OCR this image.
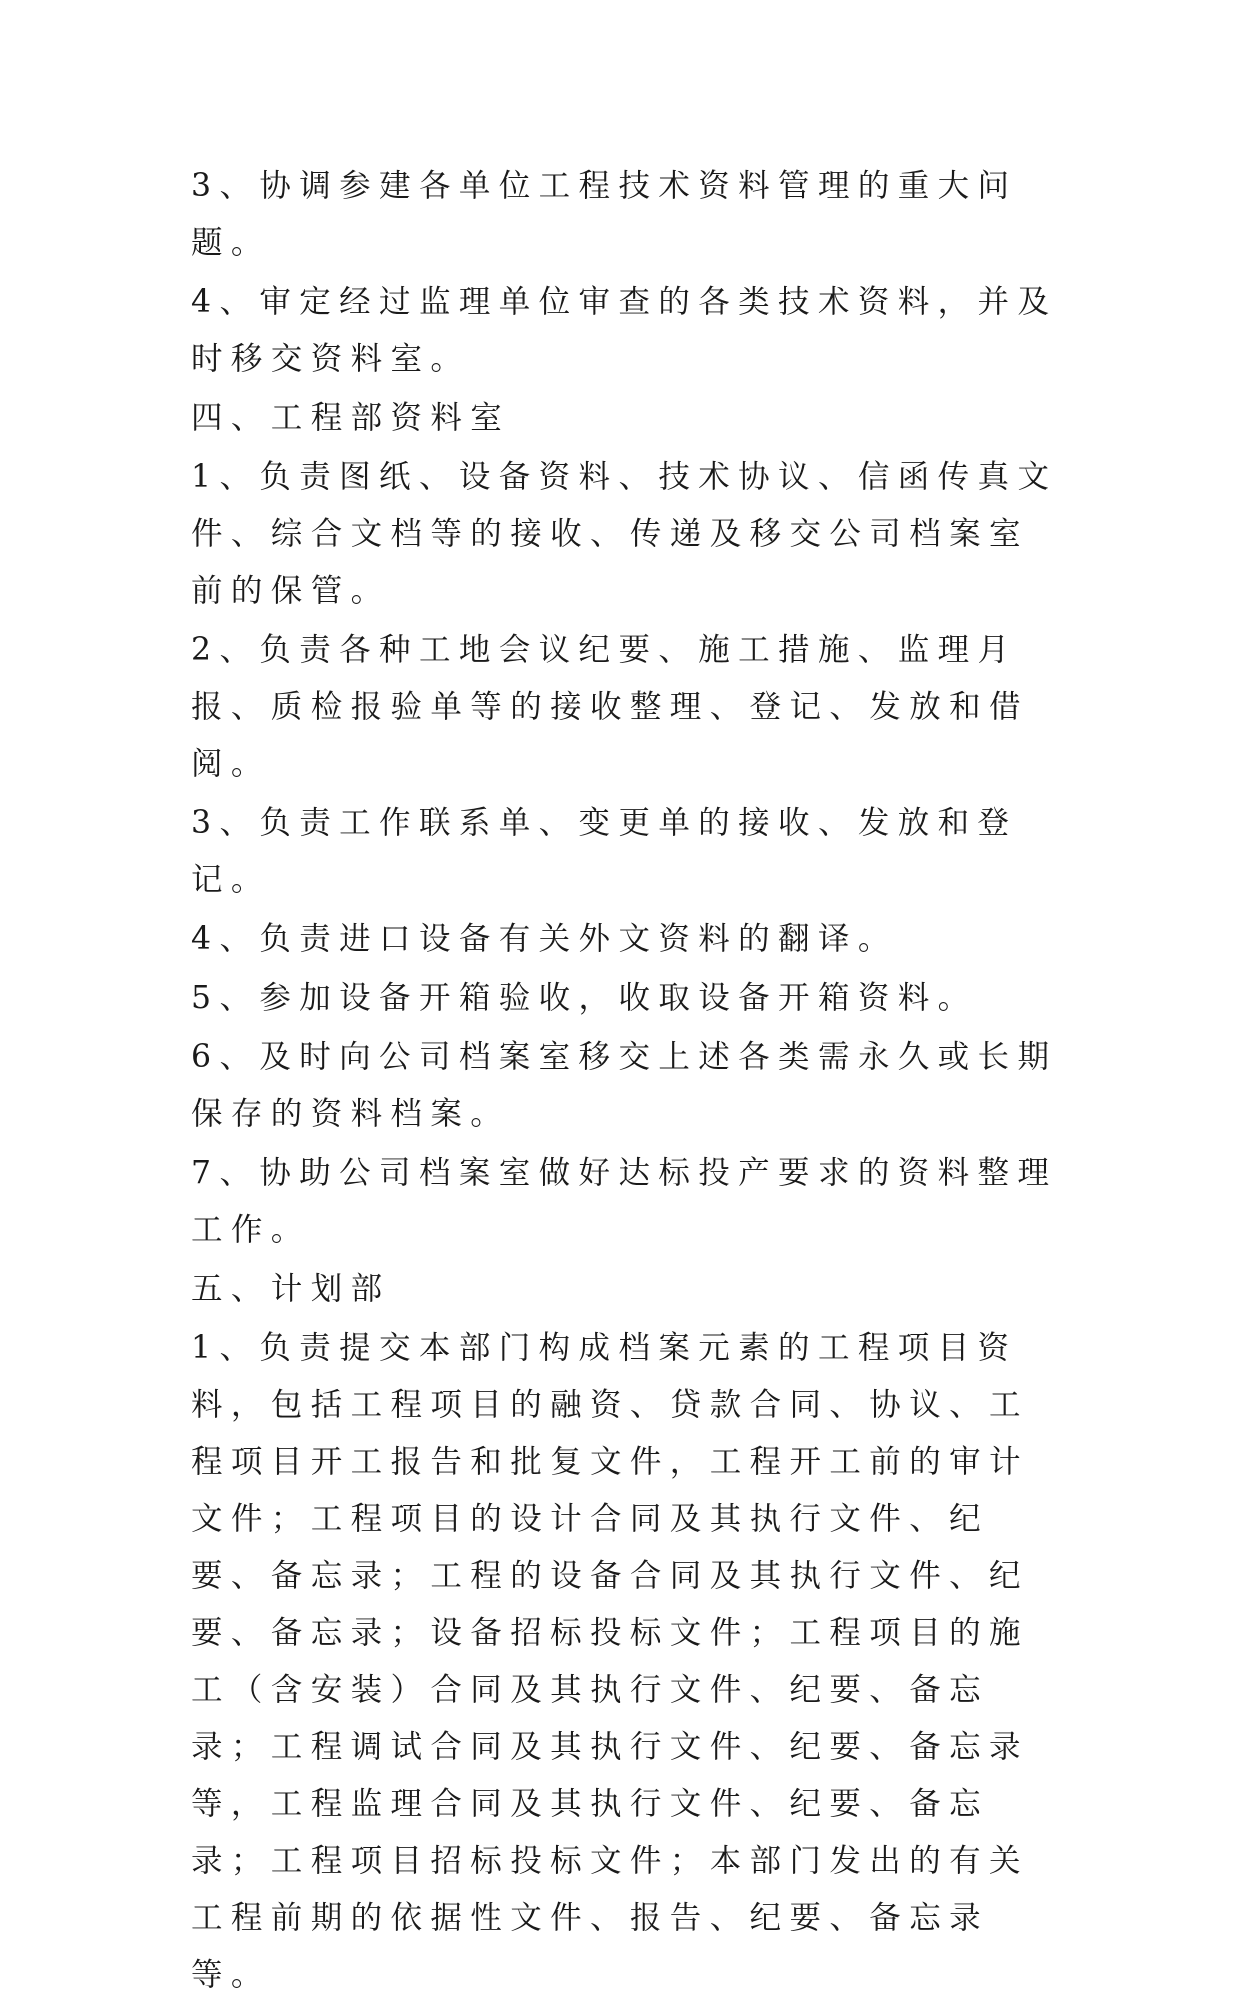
3、协调参建各单位工程技术资料管理的重大问题。

4、审定经过监理单位审查的各类技术资料，并及时移交资料室。

四、工程部资料室

1、负责图纸、设备资料、技术协议、信函传真文件、综合文档等的接收、传递及移交公司档案室前的保管。

2、负责各种工地会议纪要、施工措施、监理月报、质检报验单等的接收整理、登记、发放和借阅。

3、负责工作联系单、变更单的接收、发放和登记。

4、负责进口设备有关外文资料的翻译。

5、参加设备开箱验收，收取设备开箱资料。

6、及时向公司档案室移交上述各类需永久或长期保存的资料档案。

7、协助公司档案室做好达标投产要求的资料整理工作。

五、计划部

1、负责提交本部门构成档案元素的工程项目资料，包括工程项目的融资、贷款合同、协议、工程项目开工报告和批复文件，工程开工前的审计文件；工程项目的设计合同及其执行文件、纪要、备忘录；工程的设备合同及其执行文件、纪要、备忘录；设备招标投标文件；工程项目的施工（含安装）合同及其执行文件、纪要、备忘录；工程调试合同及其执行文件、纪要、备忘录等，工程监理合同及其执行文件、纪要、备忘录；工程项目招标投标文件；本部门发出的有关工程前期的依据性文件、报告、纪要、备忘录等。
